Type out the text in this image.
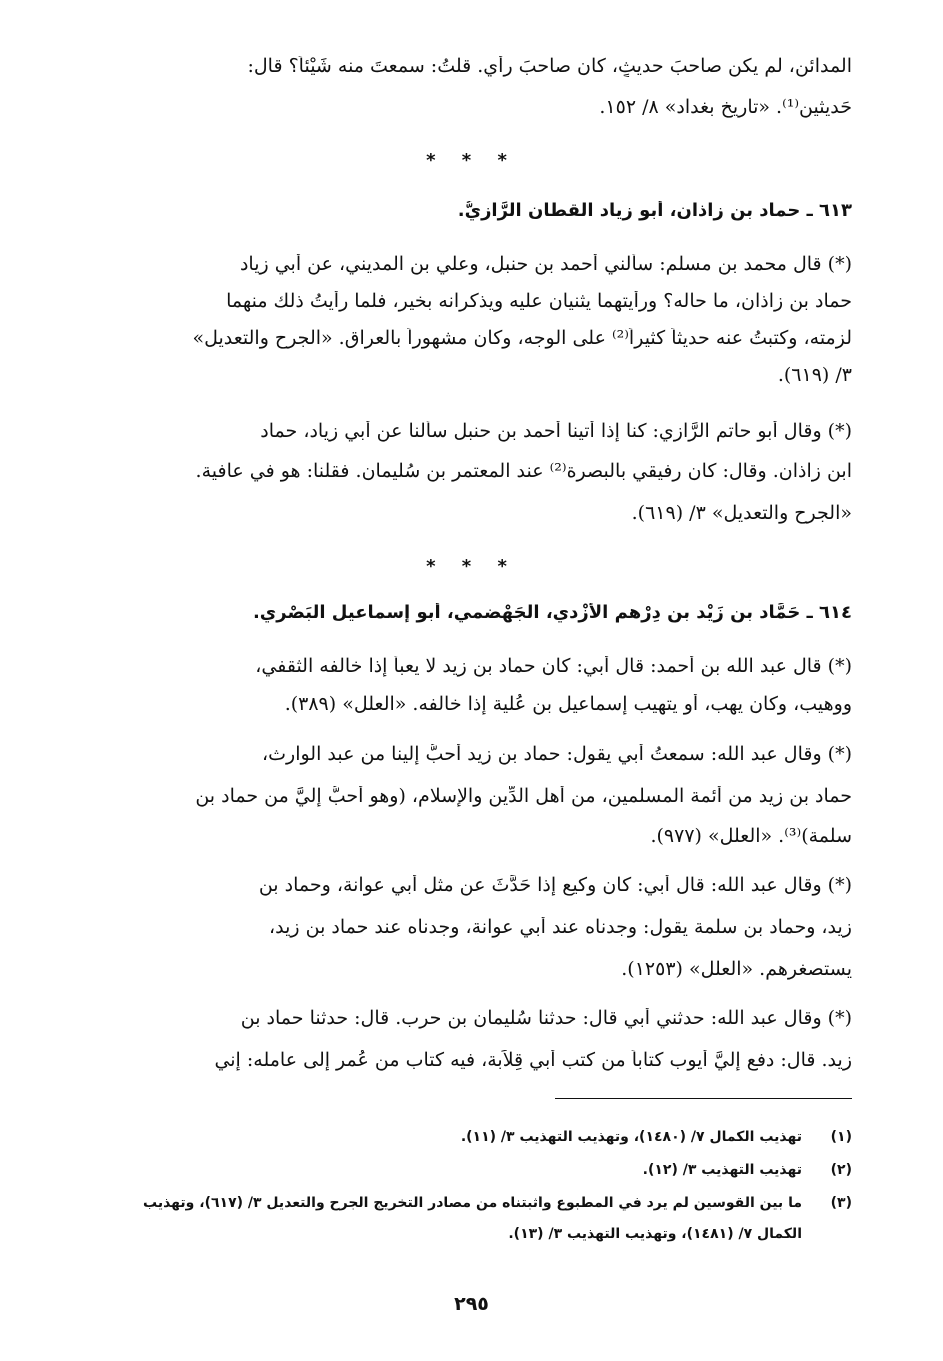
المدائن، لم يكن صاحبَ حديثٍ، كان صاحبَ رأيٍ. قلتُ: سمعتَ منه شَيْئاً؟ قال:
حَديثين⁽¹⁾. «تاريخ بغداد» ٨/ ١٥٢.
* * *
٦١٣ ـ حماد بن زاذان، أبو زياد القطان الرَّازيُّ.
(*) قال محمد بن مسلم: سألني أحمد بن حنبل، وعلي بن المديني، عن أبي زياد
حماد بن زاذان، ما حاله؟ ورأيتهما يثنيان عليه ويذكرانه بخير، فلما رأيتُ ذلك منهما
لزمته، وكتبتُ عنه حديثاً كثيراً⁽²⁾ على الوجه، وكان مشهوراً بالعراق. «الجرح والتعديل»
٣/ (٦١٩).
(*) وقال أبو حاتم الرَّازي: كنا إذا أتينا أحمد بن حنبل سألنا عن أبي زياد، حماد
ابن زاذان. وقال: كان رفيقي بالبصرة⁽²⁾ عند المعتمر بن سُليمان. فقلنا: هو في عافية.
«الجرح والتعديل» ٣/ (٦١٩).
* * *
٦١٤ ـ حَمَّاد بن زَيْد بن دِرْهم الأَزْدي، الجَهْضمي، أبو إسماعيل البَصْري.
(*) قال عبد الله بن أحمد: قال أبي: كان حماد بن زيد لا يعبأ إذا خالفه الثقفي،
ووهيب، وكان يهب، أو يتهيب إسماعيل بن عُلية إذا خالفه. «العلل» (٣٨٩).
(*) وقال عبد الله: سمعتُ أبي يقول: حماد بن زيد أحبُّ إلينا من عبد الوارث،
حماد بن زيد من أئمة المسلمين، من أهل الدِّين والإسلام، (وهو أحبُّ إليَّ من حماد بن
سلمة)⁽³⁾. «العلل» (٩٧٧).
(*) وقال عبد الله: قال أبي: كان وكيع إذا حَدَّثَ عن مثل أبي عوانة، وحماد بن
زيد، وحماد بن سلمة يقول: وجدناه عند أبي عوانة، وجدناه عند حماد بن زيد،
يستصغرهم. «العلل» (١٢٥٣).
(*) وقال عبد الله: حدثني أبي قال: حدثنا سُليمان بن حرب. قال: حدثنا حماد بن
زيد. قال: دفع إليَّ أيوب كتاباً من كتب أبي قِلاَبة، فيه كتاب من عُمر إلى عامله: إني
(١)
تهذيب الكمال ٧/ (١٤٨٠)، وتهذيب التهذيب ٣/ (١١).
(٢)
تهذيب التهذيب ٣/ (١٢).
(٣)
ما بين القوسين لم يرد في المطبوع وأثبتناه من مصادر التخريج الجرح والتعديل ٣/ (٦١٧)، وتهذيب
الكمال ٧/ (١٤٨١)، وتهذيب التهذيب ٣/ (١٣).
٢٩٥
